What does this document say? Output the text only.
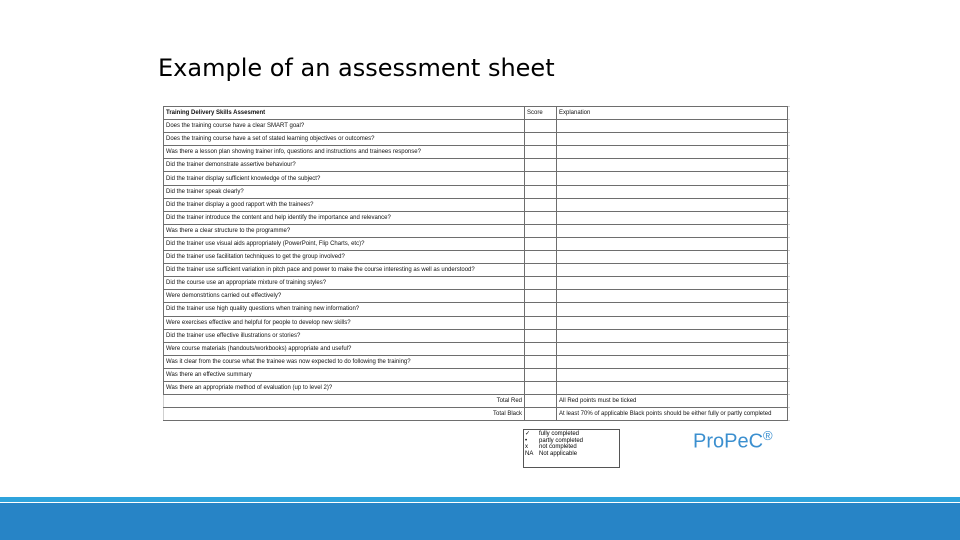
Example of an assessment sheet
Training Delivery Skills Assesment	Score	Explanation	
Does the training course have a clear SMART goal?			
Does the training course have a set of stated learning objectives or outcomes?			
Was there a lesson plan showing trainer info, questions and instructions and trainees response?			
Did the trainer demonstrate assertive behaviour?			
Did the trainer display sufficient knowledge of the subject?			
Did the trainer speak clearly?			
Did the trainer display a good rapport with the trainees?			
Did the trainer introduce the content and help identify the importance and relevance?			
Was there a clear structure to the programme?			
Did the trainer use visual aids appropriately (PowerPoint, Flip Charts, etc)?			
Did the trainer use facilitation techniques to get the group involved?			
Did the trainer use sufficient variation in pitch pace and power to make the course interesting as well as understood?			
Did the course use an appropriate mixture of training styles?			
Were demonstrtions carried out effectively?			
Did the trainer use high quality questions when training new information?			
Were exercises effective and helpful for people to develop new skills?			
Did the trainer use effective illustrations or stories?			
Were course materials (handouts/workbooks) appropriate and useful?			
Was it clear from the course what the trainee was now expected to do following the training?			
Was there an effective summary			
Was there an appropriate method of evaluation (up to level 2)?			
Total Red		All Red points must be ticked	
Total Black		At least 70% of applicable Black points should be either fully or partly completed	
✓	fully completed
•	partly completed
x	not completed
NA Not applicable
ProPeC®
